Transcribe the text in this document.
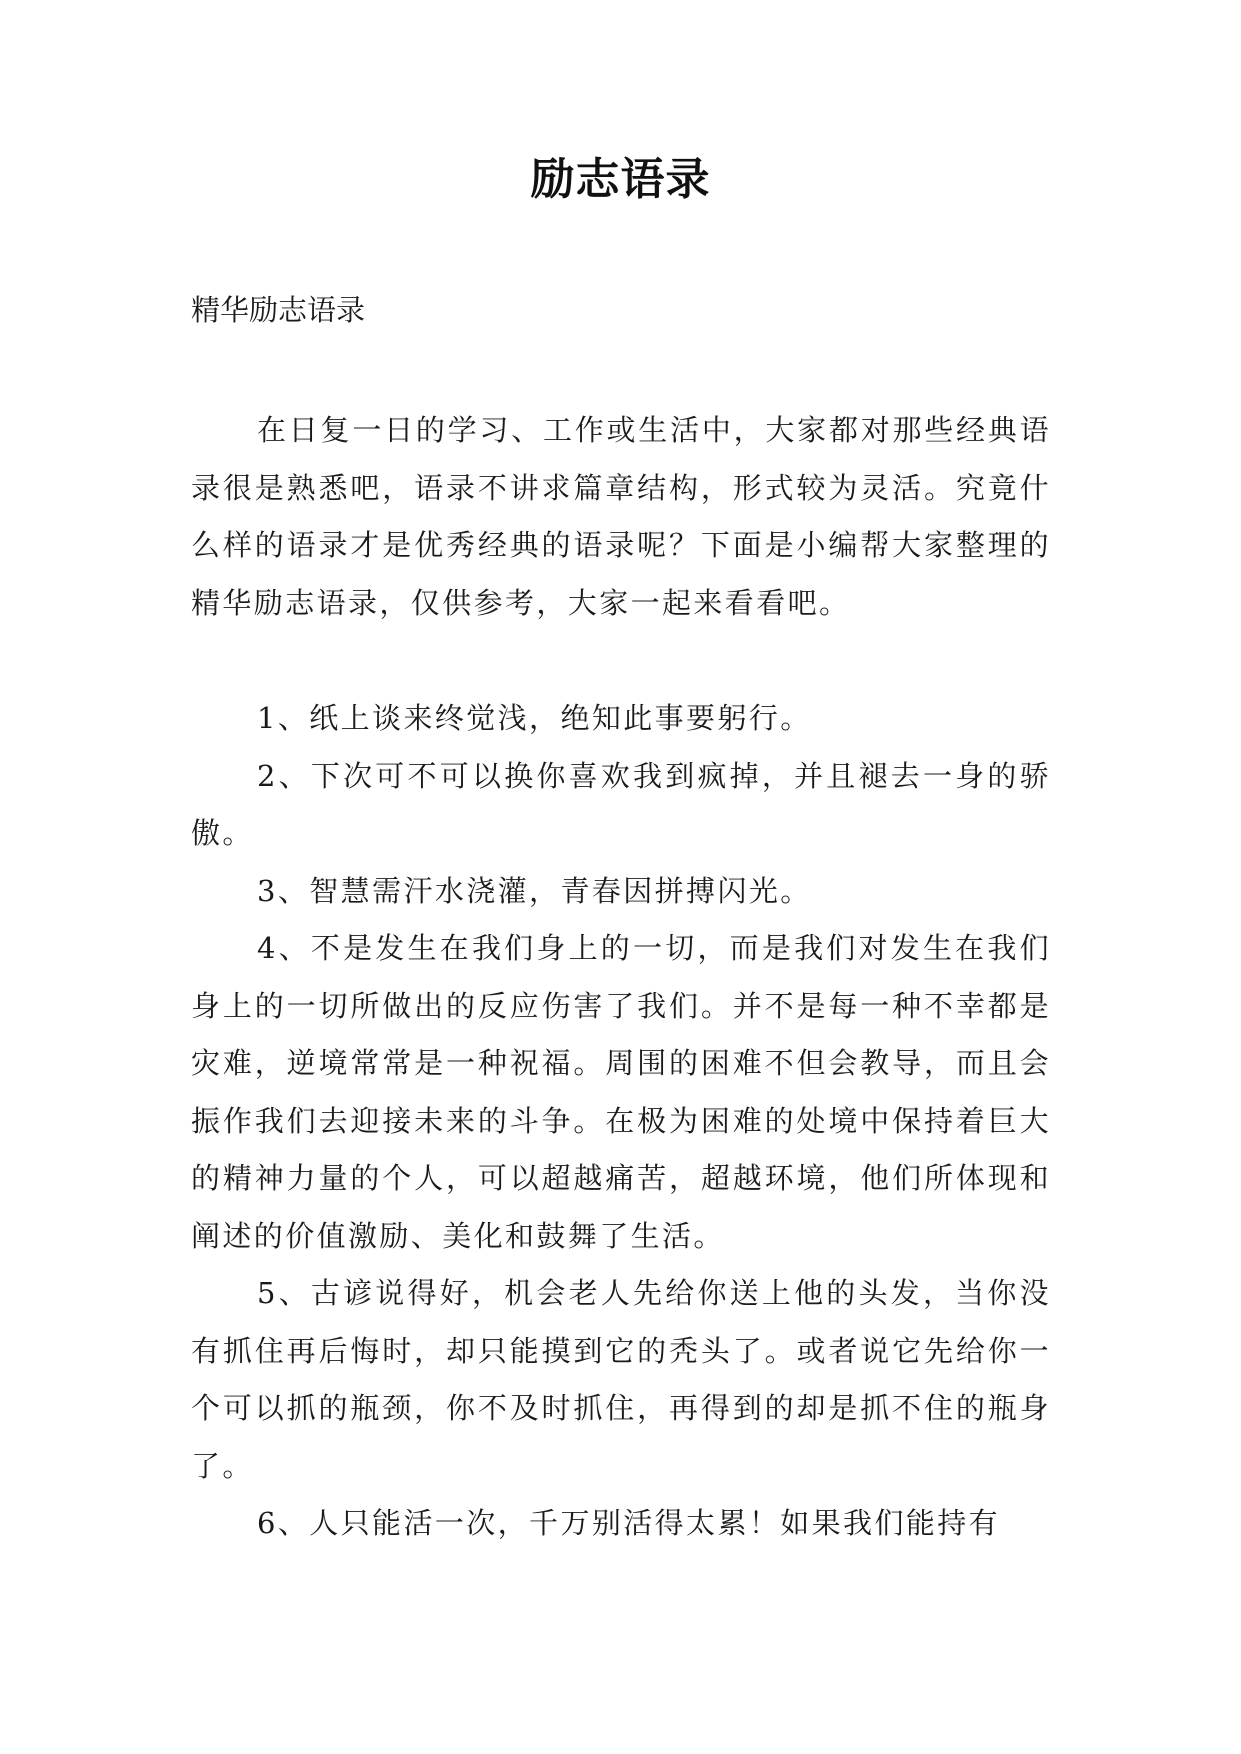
励志语录

精华励志语录

在日复一日的学习、工作或生活中，大家都对那些经典语录很是熟悉吧，语录不讲求篇章结构，形式较为灵活。究竟什么样的语录才是优秀经典的语录呢？下面是小编帮大家整理的精华励志语录，仅供参考，大家一起来看看吧。

1、纸上谈来终觉浅，绝知此事要躬行。

2、下次可不可以换你喜欢我到疯掉，并且褪去一身的骄傲。

3、智慧需汗水浇灌，青春因拼搏闪光。

4、不是发生在我们身上的一切，而是我们对发生在我们身上的一切所做出的反应伤害了我们。并不是每一种不幸都是灾难，逆境常常是一种祝福。周围的困难不但会教导，而且会振作我们去迎接未来的斗争。在极为困难的处境中保持着巨大的精神力量的个人，可以超越痛苦，超越环境，他们所体现和阐述的价值激励、美化和鼓舞了生活。

5、古谚说得好，机会老人先给你送上他的头发，当你没有抓住再后悔时，却只能摸到它的秃头了。或者说它先给你一个可以抓的瓶颈，你不及时抓住，再得到的却是抓不住的瓶身了。

6、人只能活一次，千万别活得太累！如果我们能持有
